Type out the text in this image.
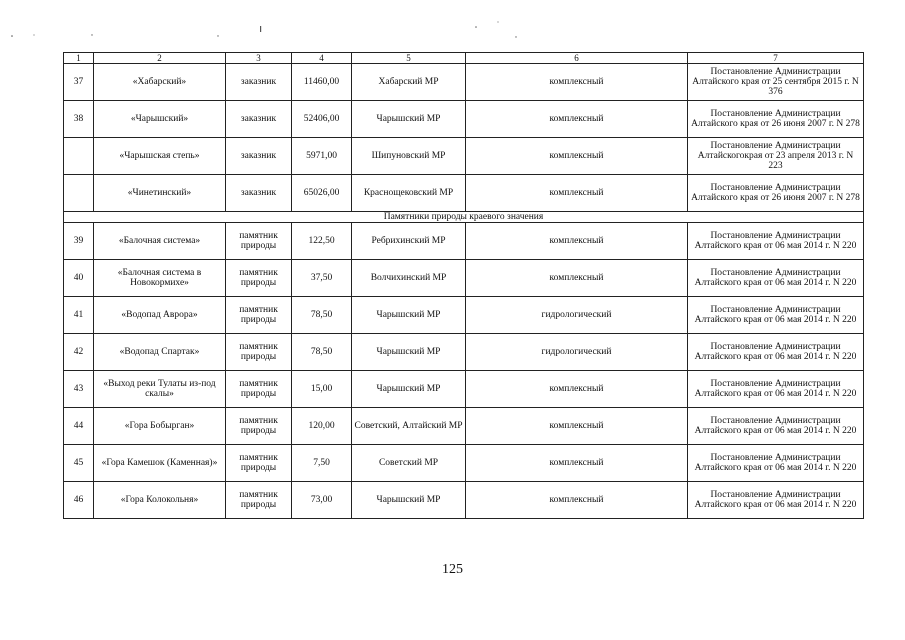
1	2	3	4	5	6	7
37	«Хабарский»	заказник	11460,00	Хабарский МР	комплексный	Постановление Администрации Алтайского края от 25 сентября 2015 г. N 376
38	«Чарышский»	заказник	52406,00	Чарышский МР	комплексный	Постановление Администрации Алтайского края от 26 июня 2007 г. N 278
	«Чарышская степь»	заказник	5971,00	Шипуновский МР	комплексный	Постановление Администрации Алтайскогокрая от 23 апреля 2013 г. N 223
	«Чинетинский»	заказник	65026,00	Краснощековский МР	комплексный	Постановление Администрации Алтайского края от 26 июня 2007 г. N 278
Памятники природы краевого значения						
39	«Балочная система»	памятник природы	122,50	Ребрихинский МР	комплексный	Постановление Администрации Алтайского края от 06 мая 2014 г. N 220
40	«Балочная система в Новокормихе»	памятник природы	37,50	Волчихинский МР	комплексный	Постановление Администрации Алтайского края от 06 мая 2014 г. N 220
41	«Водопад Аврора»	памятник природы	78,50	Чарышский МР	гидрологический	Постановление Администрации Алтайского края от 06 мая 2014 г. N 220
42	«Водопад Спартак»	памятник природы	78,50	Чарышский МР	гидрологический	Постановление Администрации Алтайского края от 06 мая 2014 г. N 220
43	«Выход реки Тулаты из-под скалы»	памятник природы	15,00	Чарышский МР	комплексный	Постановление Администрации Алтайского края от 06 мая 2014 г. N 220
44	«Гора Бобырган»	памятник природы	120,00	Советский, Алтайский МР	комплексный	Постановление Администрации Алтайского края от 06 мая 2014 г. N 220
45	«Гора Камешок (Каменная)»	памятник природы	7,50	Советский МР	комплексный	Постановление Администрации Алтайского края от 06 мая 2014 г. N 220
46	«Гора Колокольня»	памятник природы	73,00	Чарышский МР	комплексный	Постановление Администрации Алтайского края от 06 мая 2014 г. N 220
125
